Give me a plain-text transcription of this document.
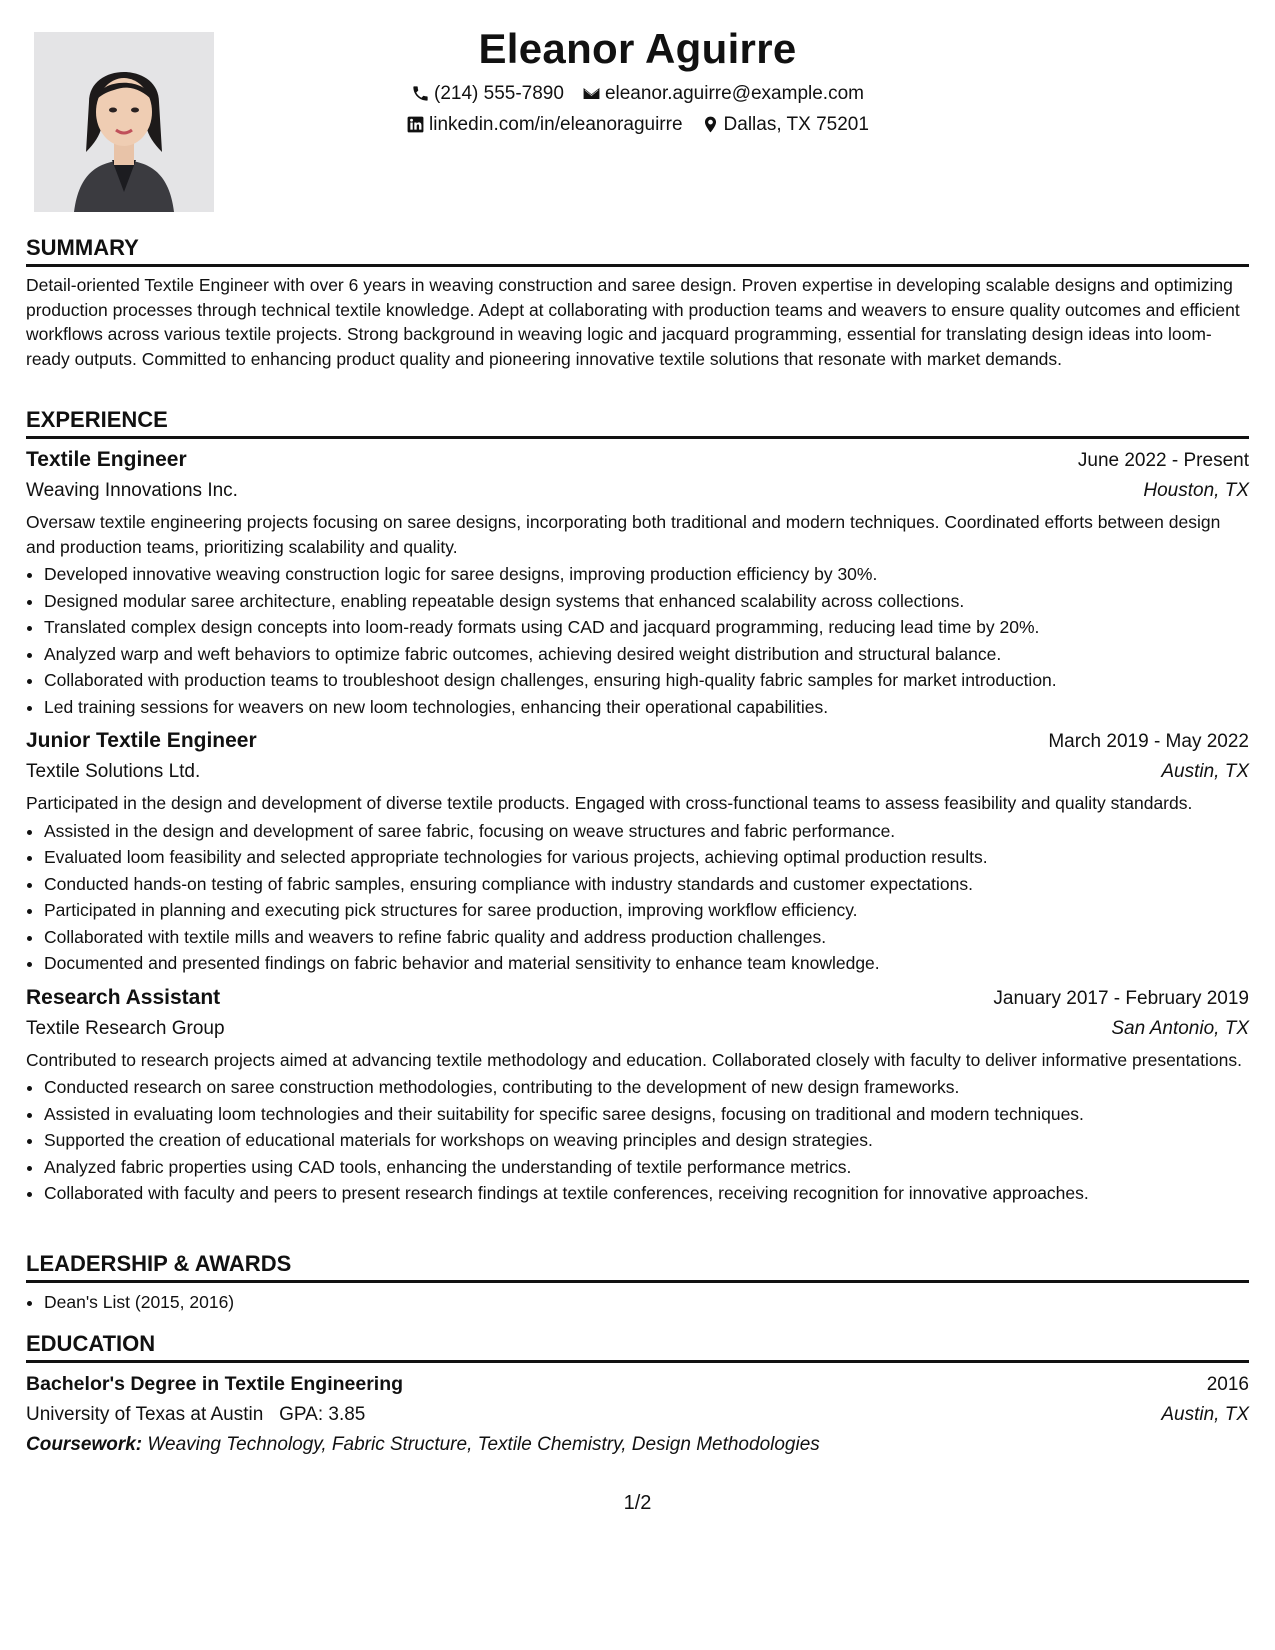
Eleanor Aguirre
(214) 555-7890 eleanor.aguirre@example.com
linkedin.com/in/eleanoraguirre Dallas, TX 75201
SUMMARY

Detail-oriented Textile Engineer with over 6 years in weaving construction and saree design. Proven expertise in developing scalable designs and optimizing production processes through technical textile knowledge. Adept at collaborating with production teams and weavers to ensure quality outcomes and efficient workflows across various textile projects. Strong background in weaving logic and jacquard programming, essential for translating design ideas into loom-ready outputs. Committed to enhancing product quality and pioneering innovative textile solutions that resonate with market demands.

EXPERIENCE
Textile Engineer	June 2022 - Present
Weaving Innovations Inc.	Houston, TX

Oversaw textile engineering projects focusing on saree designs, incorporating both traditional and modern techniques. Coordinated efforts between design and production teams, prioritizing scalability and quality.

• Developed innovative weaving construction logic for saree designs, improving production efficiency by 30%.
• Designed modular saree architecture, enabling repeatable design systems that enhanced scalability across collections.
• Translated complex design concepts into loom-ready formats using CAD and jacquard programming, reducing lead time by 20%.
• Analyzed warp and weft behaviors to optimize fabric outcomes, achieving desired weight distribution and structural balance.
• Collaborated with production teams to troubleshoot design challenges, ensuring high-quality fabric samples for market introduction.
• Led training sessions for weavers on new loom technologies, enhancing their operational capabilities.
Junior Textile Engineer	March 2019 - May 2022
Textile Solutions Ltd.	Austin, TX

Participated in the design and development of diverse textile products. Engaged with cross-functional teams to assess feasibility and quality standards.

• Assisted in the design and development of saree fabric, focusing on weave structures and fabric performance.
• Evaluated loom feasibility and selected appropriate technologies for various projects, achieving optimal production results.
• Conducted hands-on testing of fabric samples, ensuring compliance with industry standards and customer expectations.
• Participated in planning and executing pick structures for saree production, improving workflow efficiency.
• Collaborated with textile mills and weavers to refine fabric quality and address production challenges.
• Documented and presented findings on fabric behavior and material sensitivity to enhance team knowledge.
Research Assistant	January 2017 - February 2019
Textile Research Group	San Antonio, TX

Contributed to research projects aimed at advancing textile methodology and education. Collaborated closely with faculty to deliver informative presentations.

• Conducted research on saree construction methodologies, contributing to the development of new design frameworks.
• Assisted in evaluating loom technologies and their suitability for specific saree designs, focusing on traditional and modern techniques.
• Supported the creation of educational materials for workshops on weaving principles and design strategies.
• Analyzed fabric properties using CAD tools, enhancing the understanding of textile performance metrics.
• Collaborated with faculty and peers to present research findings at textile conferences, receiving recognition for innovative approaches.
LEADERSHIP & AWARDS
• Dean's List (2015, 2016)
EDUCATION
Bachelor's Degree in Textile Engineering	2016
University of Texas at Austin GPA: 3.85	Austin, TX
Coursework: Weaving Technology, Fabric Structure, Textile Chemistry, Design Methodologies
1/2
